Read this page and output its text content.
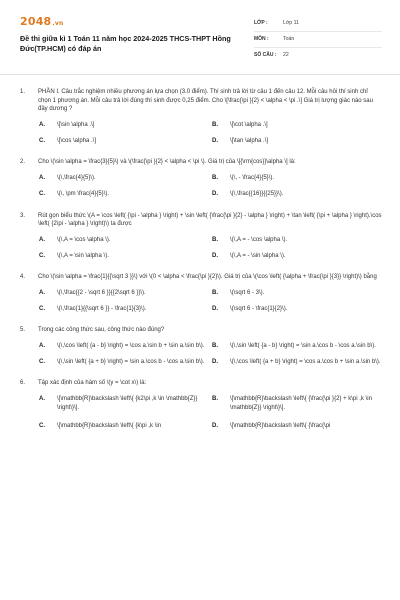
2048.vn
Đề thi giữa kì 1 Toán 11 năm học 2024-2025 THCS-THPT Hồng Đức(TP.HCM) có đáp án
LỚP :	Lớp 11
MÔN :	Toán
SỐ CÂU :	22
1. PHẦN I. Câu trắc nghiệm nhiều phương án lựa chọn (3.0 điểm). Thí sinh trả lời từ câu 1 đến câu 12. Mỗi câu hỏi thí sinh chỉ chọn 1 phương án. Mỗi câu trả lời đúng thí sinh được 0,25 điểm. Cho \[\frac{\pi }{2} < \alpha < \pi .\] Giá trị lượng giác nào sau đây dương ?
A.	\[\sin \alpha .\]	B.	\[\cot \alpha .\]
C.	\[\cos \alpha .\]	D.	\[\tan \alpha .\]
2. Cho \(\sin \alpha = \frac{3}{5}\) và \(\frac{\pi }{2} < \alpha < \pi \). Giá trị của \[{\rm{cos}}\alpha \] là:
A.	\(\,\frac{4}{5}\).	B.	\(\, - \frac{4}{5}\).
C.	\(\, \pm \frac{4}{5}\).	D.	\(\,\frac{{16}}{{25}}\).
3. Rút gọn biểu thức \(A = \cos \left( {\pi - \alpha } \right) + \sin \left( {\frac{\pi }{2} - \alpha } \right) + \tan \left( {\pi + \alpha } \right).\cos \left( {2\pi - \alpha } \right)\) ta được
A.	\(\,A = \cos \alpha \).	B.	\(\,A = - \cos \alpha \).
C.	\(\,A = \sin \alpha \).	D.	\(\,A = - \sin \alpha \).
4. Cho \(\sin \alpha = \frac{1}{{\sqrt 3 }}\) với \(0 < \alpha < \frac{\pi }{2}\). Giá trị của \(\cos \left( {\alpha + \frac{\pi }{3}} \right)\) bằng
A.	\(\,\frac{{2 - \sqrt 6 }}{{2\sqrt 6 }}\).	B.	\(\sqrt 6 - 3\).
C.	\(\,\frac{1}{{\sqrt 6 }} - \frac{1}{3}\).	D.	\(\sqrt 6 - \frac{1}{2}\).
5. Trong các công thức sau, công thức nào đúng?
A.	\(\,\cos \left( {a - b} \right) = \cos a.\sin b + \sin a.\sin b\). B.	\(\,\sin \left( {a - b} \right) = \sin a.\cos b - \cos a.\sin b\).
C.	\(\,\sin \left( {a + b} \right) = \sin a.\cos b - \cos a.\sin b\). D.	\(\,\cos \left( {a + b} \right) = \cos a.\cos b + \sin a.\sin b\).
6. Tập xác định của hàm số \(y = \cot x\) là:
A.	\[\mathbb{R}\backslash \left\{ {k2\pi ,k \in \mathbb{Z}} \right\}\].
B.	\[\mathbb{R}\backslash \left\{ {\frac{\pi }{2} + k\pi ,k \in \mathbb{Z}} \right\}\].
C.	\[\mathbb{R}\backslash \left\{ {k\pi ,k \in	D.	\[\mathbb{R}\backslash \left\{ {\frac{\pi
